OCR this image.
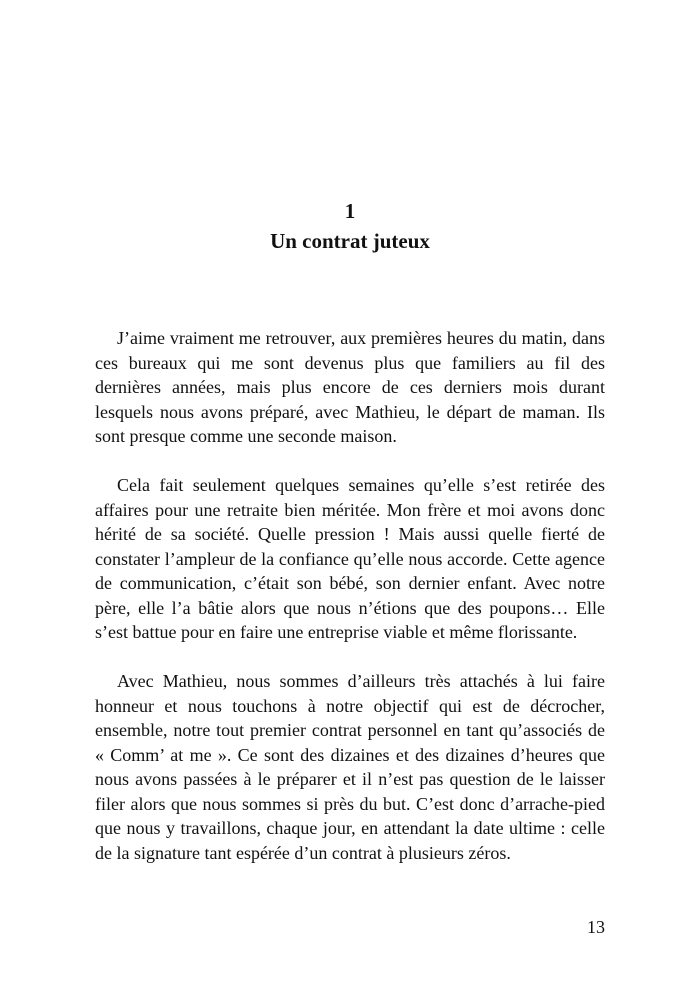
1
Un contrat juteux

J’aime vraiment me retrouver, aux premières heures du matin, dans ces bureaux qui me sont devenus plus que familiers au fil des dernières années, mais plus encore de ces derniers mois durant lesquels nous avons préparé, avec Mathieu, le départ de maman. Ils sont presque comme une seconde maison.

Cela fait seulement quelques semaines qu’elle s’est retirée des affaires pour une retraite bien méritée. Mon frère et moi avons donc hérité de sa société. Quelle pression ! Mais aussi quelle fierté de constater l’ampleur de la confiance qu’elle nous accorde. Cette agence de communication, c’était son bébé, son dernier enfant. Avec notre père, elle l’a bâtie alors que nous n’étions que des poupons… Elle s’est battue pour en faire une entreprise viable et même florissante.

Avec Mathieu, nous sommes d’ailleurs très attachés à lui faire honneur et nous touchons à notre objectif qui est de décrocher, ensemble, notre tout premier contrat personnel en tant qu’associés de « Comm’ at me ». Ce sont des dizaines et des dizaines d’heures que nous avons passées à le préparer et il n’est pas question de le laisser filer alors que nous sommes si près du but. C’est donc d’arrache-pied que nous y travaillons, chaque jour, en attendant la date ultime : celle de la signature tant espérée d’un contrat à plusieurs zéros.

13
